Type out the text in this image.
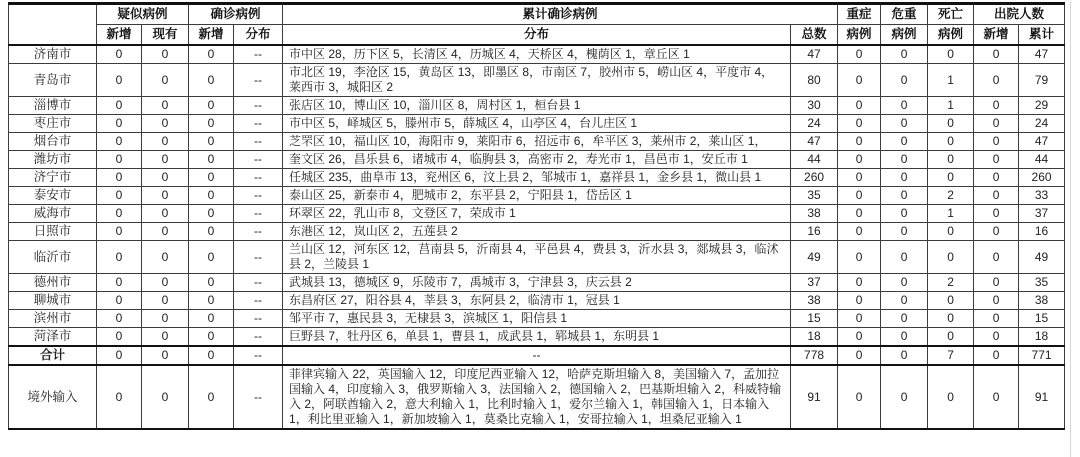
	疑似病例		确诊病例		累计确诊病例		重症	危重	死亡	出院人数	
	新增	现有	新增	分布	分布	总数	病例	病例	病例	新增	累计
济南市	0	0	0	--	市中区 28，历下区 5，长清区 4，历城区 4，天桥区 4，槐荫区 1，章丘区 1	47	0	0	0	0	47
青岛市	0	0	0	--	市北区 19，李沧区 15，黄岛区 13，即墨区 8，市南区 7，胶州市 5，崂山区 4，平度市 4，莱西市 3，城阳区 2	80	0	0	1	0	79
淄博市	0	0	0	--	张店区 10，博山区 10，淄川区 8，周村区 1，桓台县 1	30	0	0	1	0	29
枣庄市	0	0	0	--	市中区 5，峄城区 5，滕州市 5，薛城区 4，山亭区 4，台儿庄区 1	24	0	0	0	0	24
烟台市	0	0	0	--	芝罘区 10，福山区 10，海阳市 9，莱阳市 6，招远市 6，牟平区 3，莱州市 2，莱山区 1，	47	0	0	0	0	47
潍坊市	0	0	0	--	奎文区 26，昌乐县 6，诸城市 4，临朐县 3，高密市 2，寿光市 1，昌邑市 1，安丘市 1	44	0	0	0	0	44
济宁市	0	0	0	--	任城区 235，曲阜市 13，兖州区 6，汶上县 2，邹城市 1，嘉祥县 1，金乡县 1，微山县 1	260	0	0	0	0	260
泰安市	0	0	0	--	泰山区 25，新泰市 4，肥城市 2，东平县 2，宁阳县 1，岱岳区 1	35	0	0	2	0	33
威海市	0	0	0	--	环翠区 22，乳山市 8，文登区 7，荣成市 1	38	0	0	1	0	37
日照市	0	0	0	--	东港区 12，岚山区 2，五莲县 2	16	0	0	0	0	16
临沂市	0	0	0	--	兰山区 12，河东区 12，莒南县 5，沂南县 4，平邑县 4，费县 3，沂水县 3，郯城县 3，临沭县 2，兰陵县 1	49	0	0	0	0	49
德州市	0	0	0	--	武城县 13，德城区 9，乐陵市 7，禹城市 3，宁津县 3，庆云县 2	37	0	0	2	0	35
聊城市	0	0	0	--	东昌府区 27，阳谷县 4，莘县 3，东阿县 2，临清市 1，冠县 1	38	0	0	0	0	38
滨州市	0	0	0	--	邹平市 7，惠民县 3，无棣县 3，滨城区 1，阳信县 1	15	0	0	0	0	15
菏泽市	0	0	0	--	巨野县 7，牡丹区 6，单县 1，曹县 1，成武县 1，郓城县 1，东明县 1	18	0	0	0	0	18
合计	0	0	0	--	--	778	0	0	7	0	771
境外输入	0	0	0	--	菲律宾输入 22，英国输入 12，印度尼西亚输入 12，哈萨克斯坦输入 8，美国输入 7，孟加拉国输入 4，印度输入 3，俄罗斯输入 3，法国输入 2，德国输入 2，巴基斯坦输入 2，科威特输入 2，阿联酋输入 2，意大利输入 1，比利时输入 1，爱尔兰输入 1，韩国输入 1，日本输入 1，利比里亚输入 1，新加坡输入 1，莫桑比克输入 1，安哥拉输入 1，坦桑尼亚输入 1	91	0	0	0	0	91
